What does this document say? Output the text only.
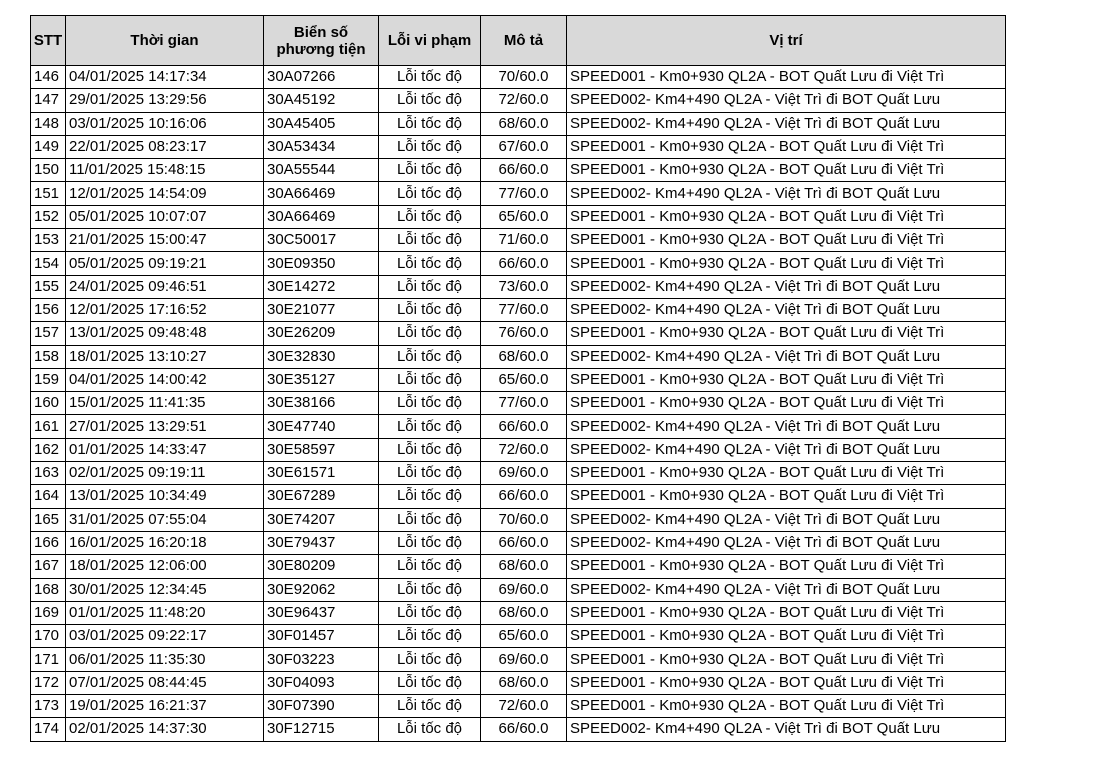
STT	Thời gian	Biển số phương tiện	Lỗi vi phạm	Mô tả	Vị trí
146	04/01/2025 14:17:34	30A07266	Lỗi tốc độ	70/60.0	SPEED001 - Km0+930 QL2A - BOT Quất Lưu đi Việt Trì
147	29/01/2025 13:29:56	30A45192	Lỗi tốc độ	72/60.0	SPEED002- Km4+490 QL2A - Việt Trì đi BOT Quất Lưu
148	03/01/2025 10:16:06	30A45405	Lỗi tốc độ	68/60.0	SPEED002- Km4+490 QL2A - Việt Trì đi BOT Quất Lưu
149	22/01/2025 08:23:17	30A53434	Lỗi tốc độ	67/60.0	SPEED001 - Km0+930 QL2A - BOT Quất Lưu đi Việt Trì
150	11/01/2025 15:48:15	30A55544	Lỗi tốc độ	66/60.0	SPEED001 - Km0+930 QL2A - BOT Quất Lưu đi Việt Trì
151	12/01/2025 14:54:09	30A66469	Lỗi tốc độ	77/60.0	SPEED002- Km4+490 QL2A - Việt Trì đi BOT Quất Lưu
152	05/01/2025 10:07:07	30A66469	Lỗi tốc độ	65/60.0	SPEED001 - Km0+930 QL2A - BOT Quất Lưu đi Việt Trì
153	21/01/2025 15:00:47	30C50017	Lỗi tốc độ	71/60.0	SPEED001 - Km0+930 QL2A - BOT Quất Lưu đi Việt Trì
154	05/01/2025 09:19:21	30E09350	Lỗi tốc độ	66/60.0	SPEED001 - Km0+930 QL2A - BOT Quất Lưu đi Việt Trì
155	24/01/2025 09:46:51	30E14272	Lỗi tốc độ	73/60.0	SPEED002- Km4+490 QL2A - Việt Trì đi BOT Quất Lưu
156	12/01/2025 17:16:52	30E21077	Lỗi tốc độ	77/60.0	SPEED002- Km4+490 QL2A - Việt Trì đi BOT Quất Lưu
157	13/01/2025 09:48:48	30E26209	Lỗi tốc độ	76/60.0	SPEED001 - Km0+930 QL2A - BOT Quất Lưu đi Việt Trì
158	18/01/2025 13:10:27	30E32830	Lỗi tốc độ	68/60.0	SPEED002- Km4+490 QL2A - Việt Trì đi BOT Quất Lưu
159	04/01/2025 14:00:42	30E35127	Lỗi tốc độ	65/60.0	SPEED001 - Km0+930 QL2A - BOT Quất Lưu đi Việt Trì
160	15/01/2025 11:41:35	30E38166	Lỗi tốc độ	77/60.0	SPEED001 - Km0+930 QL2A - BOT Quất Lưu đi Việt Trì
161	27/01/2025 13:29:51	30E47740	Lỗi tốc độ	66/60.0	SPEED002- Km4+490 QL2A - Việt Trì đi BOT Quất Lưu
162	01/01/2025 14:33:47	30E58597	Lỗi tốc độ	72/60.0	SPEED002- Km4+490 QL2A - Việt Trì đi BOT Quất Lưu
163	02/01/2025 09:19:11	30E61571	Lỗi tốc độ	69/60.0	SPEED001 - Km0+930 QL2A - BOT Quất Lưu đi Việt Trì
164	13/01/2025 10:34:49	30E67289	Lỗi tốc độ	66/60.0	SPEED001 - Km0+930 QL2A - BOT Quất Lưu đi Việt Trì
165	31/01/2025 07:55:04	30E74207	Lỗi tốc độ	70/60.0	SPEED002- Km4+490 QL2A - Việt Trì đi BOT Quất Lưu
166	16/01/2025 16:20:18	30E79437	Lỗi tốc độ	66/60.0	SPEED002- Km4+490 QL2A - Việt Trì đi BOT Quất Lưu
167	18/01/2025 12:06:00	30E80209	Lỗi tốc độ	68/60.0	SPEED001 - Km0+930 QL2A - BOT Quất Lưu đi Việt Trì
168	30/01/2025 12:34:45	30E92062	Lỗi tốc độ	69/60.0	SPEED002- Km4+490 QL2A - Việt Trì đi BOT Quất Lưu
169	01/01/2025 11:48:20	30E96437	Lỗi tốc độ	68/60.0	SPEED001 - Km0+930 QL2A - BOT Quất Lưu đi Việt Trì
170	03/01/2025 09:22:17	30F01457	Lỗi tốc độ	65/60.0	SPEED001 - Km0+930 QL2A - BOT Quất Lưu đi Việt Trì
171	06/01/2025 11:35:30	30F03223	Lỗi tốc độ	69/60.0	SPEED001 - Km0+930 QL2A - BOT Quất Lưu đi Việt Trì
172	07/01/2025 08:44:45	30F04093	Lỗi tốc độ	68/60.0	SPEED001 - Km0+930 QL2A - BOT Quất Lưu đi Việt Trì
173	19/01/2025 16:21:37	30F07390	Lỗi tốc độ	72/60.0	SPEED001 - Km0+930 QL2A - BOT Quất Lưu đi Việt Trì
174	02/01/2025 14:37:30	30F12715	Lỗi tốc độ	66/60.0	SPEED002- Km4+490 QL2A - Việt Trì đi BOT Quất Lưu
